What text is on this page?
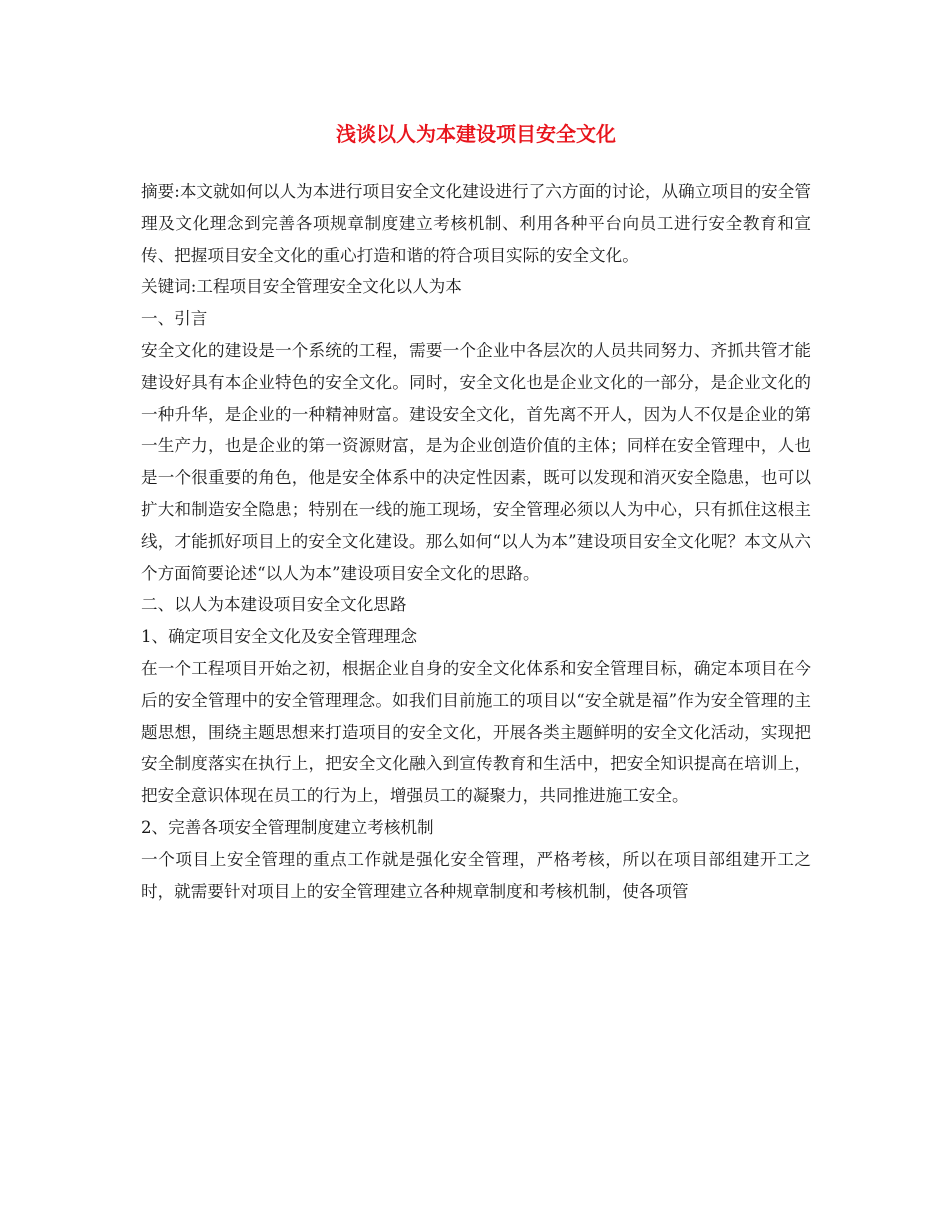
浅谈以人为本建设项目安全文化

摘要:本文就如何以人为本进行项目安全文化建设进行了六方面的讨论，从确立项目的安全管理及文化理念到完善各项规章制度建立考核机制、利用各种平台向员工进行安全教育和宣传、把握项目安全文化的重心打造和谐的符合项目实际的安全文化。

关键词:工程项目安全管理安全文化以人为本

一、引言

安全文化的建设是一个系统的工程，需要一个企业中各层次的人员共同努力、齐抓共管才能建设好具有本企业特色的安全文化。同时，安全文化也是企业文化的一部分，是企业文化的一种升华，是企业的一种精神财富。建设安全文化，首先离不开人，因为人不仅是企业的第一生产力，也是企业的第一资源财富，是为企业创造价值的主体；同样在安全管理中，人也是一个很重要的角色，他是安全体系中的决定性因素，既可以发现和消灭安全隐患，也可以扩大和制造安全隐患；特别在一线的施工现场，安全管理必须以人为中心，只有抓住这根主线，才能抓好项目上的安全文化建设。那么如何“以人为本”建设项目安全文化呢？本文从六个方面简要论述“以人为本”建设项目安全文化的思路。

二、以人为本建设项目安全文化思路

1、确定项目安全文化及安全管理理念

在一个工程项目开始之初，根据企业自身的安全文化体系和安全管理目标，确定本项目在今后的安全管理中的安全管理理念。如我们目前施工的项目以“安全就是福”作为安全管理的主题思想，围绕主题思想来打造项目的安全文化，开展各类主题鲜明的安全文化活动，实现把安全制度落实在执行上，把安全文化融入到宣传教育和生活中，把安全知识提高在培训上，把安全意识体现在员工的行为上，增强员工的凝聚力，共同推进施工安全。

2、完善各项安全管理制度建立考核机制

一个项目上安全管理的重点工作就是强化安全管理，严格考核，所以在项目部组建开工之时，就需要针对项目上的安全管理建立各种规章制度和考核机制，使各项管
